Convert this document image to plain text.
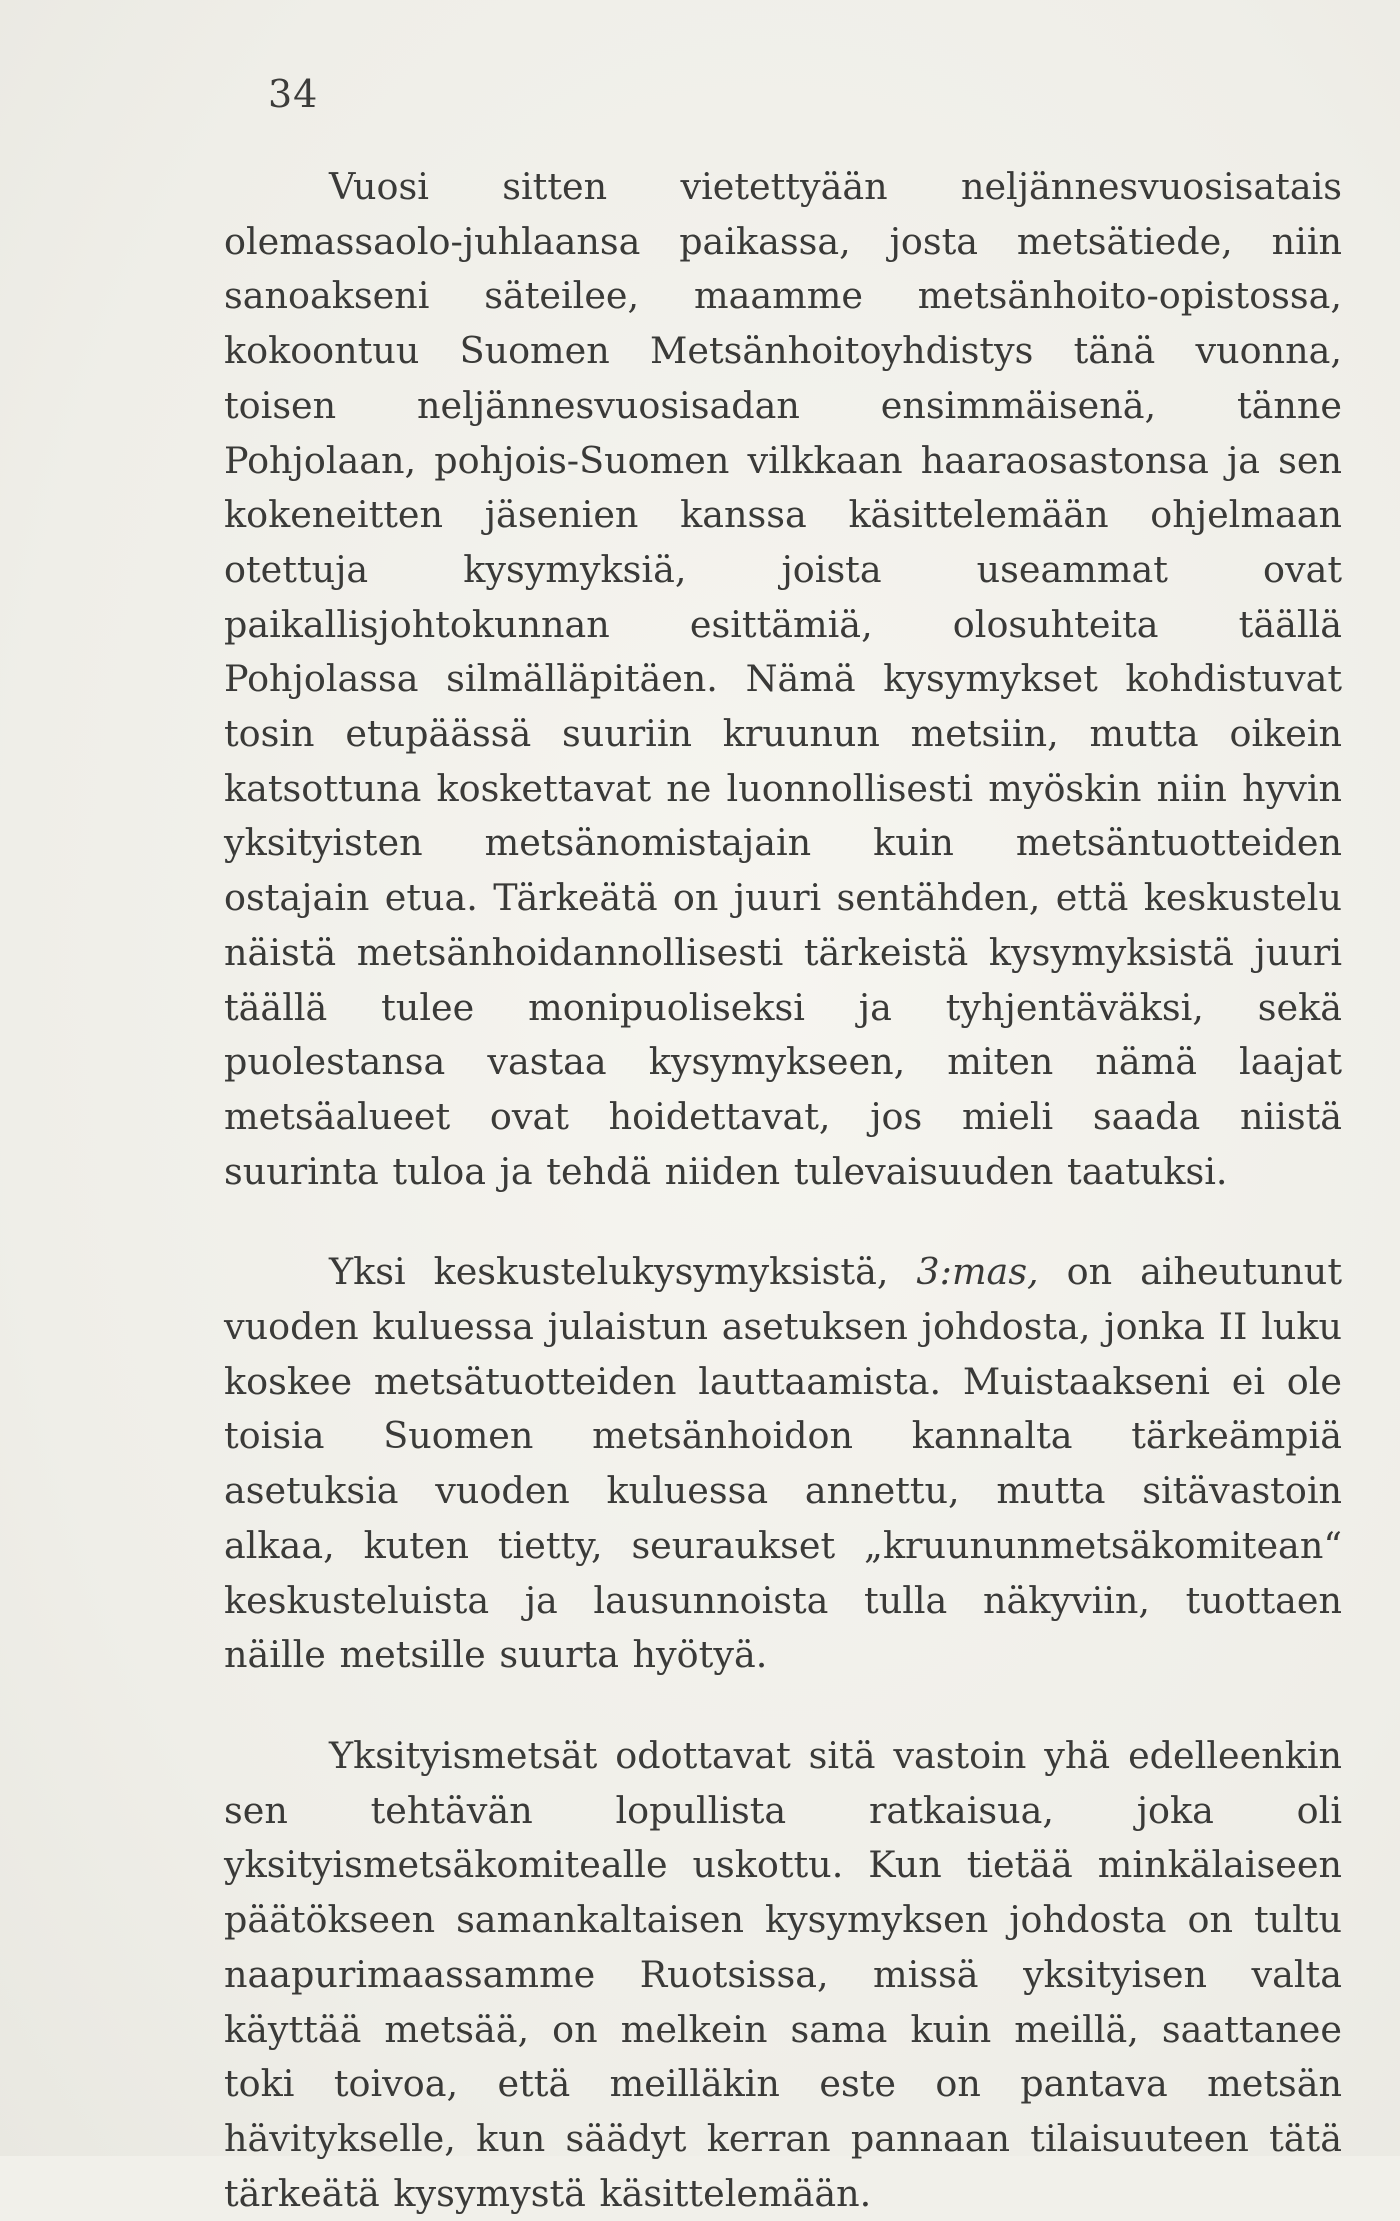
34

Vuosi sitten vietettyään neljännesvuosisatais olemassaolo-juhlaansa paikassa, josta metsätiede, niin sanoakseni säteilee, maamme metsänhoito-opistossa, kokoontuu Suomen Metsänhoitoyhdistys tänä vuonna, toisen neljännesvuosisadan ensimmäisenä, tänne Pohjolaan, pohjois-Suomen vilkkaan haaraosastonsa ja sen kokeneitten jäsenien kanssa käsittelemään ohjelmaan otettuja kysymyksiä, joista useammat ovat paikallisjohtokunnan esittämiä, olosuhteita täällä Pohjolassa silmälläpitäen. Nämä kysymykset kohdistuvat tosin etupäässä suuriin kruunun metsiin, mutta oikein katsottuna koskettavat ne luonnollisesti myöskin niin hyvin yksityisten metsänomistajain kuin metsäntuotteiden ostajain etua. Tärkeätä on juuri sentähden, että keskustelu näistä metsänhoidannollisesti tärkeistä kysymyksistä juuri täällä tulee monipuoliseksi ja tyhjentäväksi, sekä puolestansa vastaa kysymykseen, miten nämä laajat metsäalueet ovat hoidettavat, jos mieli saada niistä suurinta tuloa ja tehdä niiden tulevaisuuden taatuksi.

Yksi keskustelukysymyksistä, 3:mas, on aiheutunut vuoden kuluessa julaistun asetuksen johdosta, jonka II luku koskee metsätuotteiden lauttaamista. Muistaakseni ei ole toisia Suomen metsänhoidon kannalta tärkeämpiä asetuksia vuoden kuluessa annettu, mutta sitävastoin alkaa, kuten tietty, seuraukset „kruununmetsäkomitean“ keskusteluista ja lausunnoista tulla näkyviin, tuottaen näille metsille suurta hyötyä.

Yksityismetsät odottavat sitä vastoin yhä edelleenkin sen tehtävän lopullista ratkaisua, joka oli yksityismetsäkomitealle uskottu. Kun tietää minkälaiseen päätökseen samankaltaisen kysymyksen johdosta on tultu naapurimaassamme Ruotsissa, missä yksityisen valta käyttää metsää, on melkein sama kuin meillä, saattanee toki toivoa, että meilläkin este on pantava metsän hävitykselle, kun säädyt kerran pannaan tilaisuuteen tätä tärkeätä kysymystä käsittelemään.
